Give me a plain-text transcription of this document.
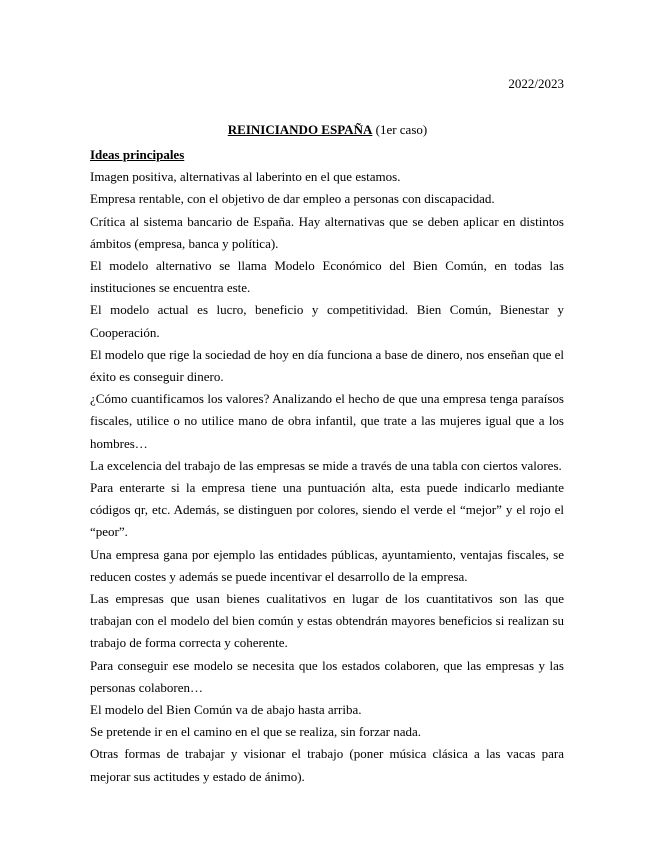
2022/2023
REINICIANDO ESPAÑA (1er caso)

Ideas principales

Imagen positiva, alternativas al laberinto en el que estamos.

Empresa rentable, con el objetivo de dar empleo a personas con discapacidad.

Crítica al sistema bancario de España. Hay alternativas que se deben aplicar en distintos ámbitos (empresa, banca y política).

El modelo alternativo se llama Modelo Económico del Bien Común, en todas las instituciones se encuentra este.

El modelo actual es lucro, beneficio y competitividad. Bien Común, Bienestar y Cooperación.

El modelo que rige la sociedad de hoy en día funciona a base de dinero, nos enseñan que el éxito es conseguir dinero.

¿Cómo cuantificamos los valores? Analizando el hecho de que una empresa tenga paraísos fiscales, utilice o no utilice mano de obra infantil, que trate a las mujeres igual que a los hombres…

La excelencia del trabajo de las empresas se mide a través de una tabla con ciertos valores.

Para enterarte si la empresa tiene una puntuación alta, esta puede indicarlo mediante códigos qr, etc. Además, se distinguen por colores, siendo el verde el “mejor” y el rojo el “peor”.

Una empresa gana por ejemplo las entidades públicas, ayuntamiento, ventajas fiscales, se reducen costes y además se puede incentivar el desarrollo de la empresa.

Las empresas que usan bienes cualitativos en lugar de los cuantitativos son las que trabajan con el modelo del bien común y estas obtendrán mayores beneficios si realizan su trabajo de forma correcta y coherente.

Para conseguir ese modelo se necesita que los estados colaboren, que las empresas y las personas colaboren…

El modelo del Bien Común va de abajo hasta arriba.

Se pretende ir en el camino en el que se realiza, sin forzar nada.

Otras formas de trabajar y visionar el trabajo (poner música clásica a las vacas para mejorar sus actitudes y estado de ánimo).
